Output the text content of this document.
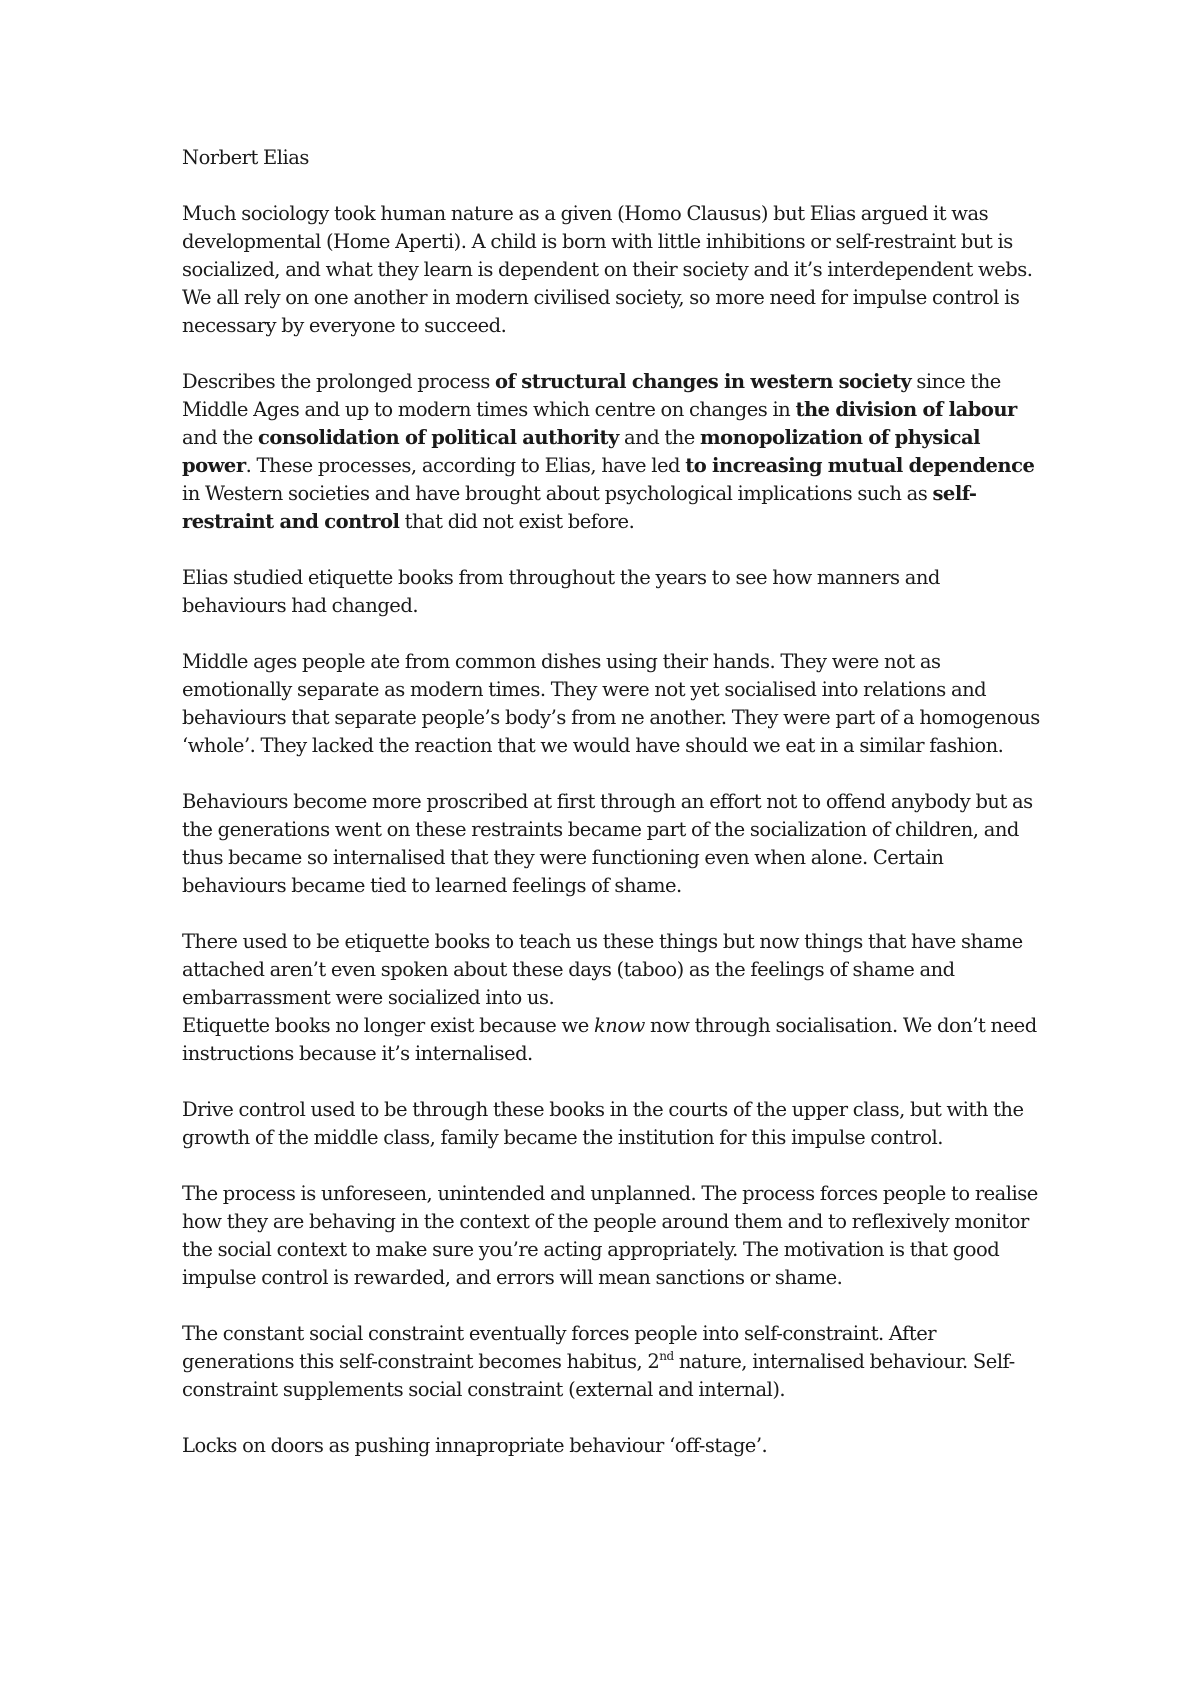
Norbert Elias

Much sociology took human nature as a given (Homo Clausus) but Elias argued it was developmental (Home Aperti). A child is born with little inhibitions or self-restraint but is socialized, and what they learn is dependent on their society and it’s interdependent webs. We all rely on one another in modern civilised society, so more need for impulse control is necessary by everyone to succeed.

Describes the prolonged process of structural changes in western society since the Middle Ages and up to modern times which centre on changes in the division of labour and the consolidation of political authority and the monopolization of physical power. These processes, according to Elias, have led to increasing mutual dependence in Western societies and have brought about psychological implications such as self-restraint and control that did not exist before.

Elias studied etiquette books from throughout the years to see how manners and behaviours had changed.

Middle ages people ate from common dishes using their hands. They were not as emotionally separate as modern times. They were not yet socialised into relations and behaviours that separate people’s body’s from ne another. They were part of a homogenous ‘whole’. They lacked the reaction that we would have should we eat in a similar fashion.

Behaviours become more proscribed at first through an effort not to offend anybody but as the generations went on these restraints became part of the socialization of children, and thus became so internalised that they were functioning even when alone. Certain behaviours became tied to learned feelings of shame.

There used to be etiquette books to teach us these things but now things that have shame attached aren’t even spoken about these days (taboo) as the feelings of shame and embarrassment were socialized into us.

Etiquette books no longer exist because we know now through socialisation. We don’t need instructions because it’s internalised.

Drive control used to be through these books in the courts of the upper class, but with the growth of the middle class, family became the institution for this impulse control.

The process is unforeseen, unintended and unplanned. The process forces people to realise how they are behaving in the context of the people around them and to reflexively monitor the social context to make sure you’re acting appropriately. The motivation is that good impulse control is rewarded, and errors will mean sanctions or shame.

The constant social constraint eventually forces people into self-constraint. After generations this self-constraint becomes habitus, 2nd nature, internalised behaviour. Self-constraint supplements social constraint (external and internal).

Locks on doors as pushing innapropriate behaviour ‘off-stage’.
